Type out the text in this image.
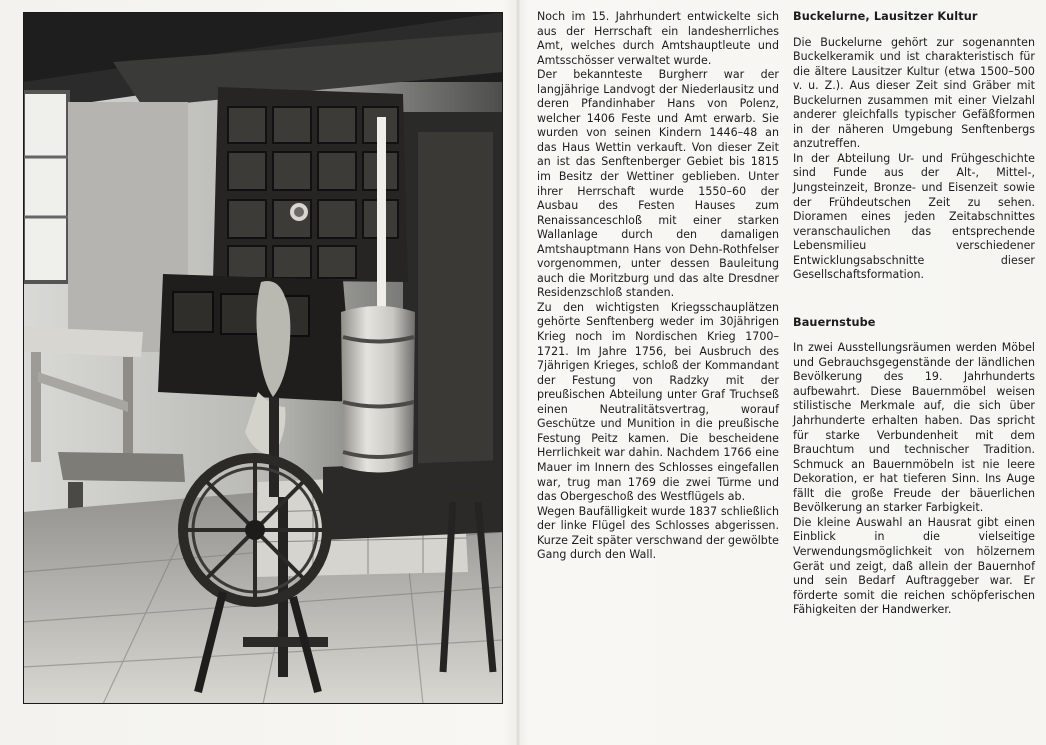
Noch im 15. Jahrhundert entwickelte sich aus der Herrschaft ein landesherrliches Amt, welches durch Amtshauptleute und Amtsschösser verwaltet wurde.

Der bekannteste Burgherr war der langjährige Landvogt der Niederlausitz und deren Pfandinhaber Hans von Polenz, welcher 1406 Feste und Amt erwarb. Sie wurden von seinen Kindern 1446–48 an das Haus Wettin verkauft. Von dieser Zeit an ist das Senftenberger Gebiet bis 1815 im Besitz der Wettiner geblieben. Unter ihrer Herrschaft wurde 1550–60 der Ausbau des Festen Hauses zum Renaissanceschloß mit einer starken Wallanlage durch den damaligen Amtshauptmann Hans von Dehn-Rothfelser vorgenommen, unter dessen Bauleitung auch die Moritzburg und das alte Dresdner Residenzschloß standen.

Zu den wichtigsten Kriegsschauplätzen gehörte Senftenberg weder im 30jährigen Krieg noch im Nordischen Krieg 1700–1721. Im Jahre 1756, bei Ausbruch des 7jährigen Krieges, schloß der Kommandant der Festung von Radzky mit der preußischen Abteilung unter Graf Truchseß einen Neutralitätsvertrag, worauf Geschütze und Munition in die preußische Festung Peitz kamen. Die bescheidene Herrlichkeit war dahin. Nachdem 1766 eine Mauer im Innern des Schlosses eingefallen war, trug man 1769 die zwei Türme und das Obergeschoß des Westflügels ab.

Wegen Baufälligkeit wurde 1837 schließlich der linke Flügel des Schlosses abgerissen. Kurze Zeit später verschwand der gewölbte Gang durch den Wall.

Buckelurne, Lausitzer Kultur

Die Buckelurne gehört zur sogenannten Buckelkeramik und ist charakteristisch für die ältere Lausitzer Kultur (etwa 1500–500 v. u. Z.). Aus dieser Zeit sind Gräber mit Buckelurnen zusammen mit einer Vielzahl anderer gleichfalls typischer Gefäßformen in der näheren Umgebung Senftenbergs anzutreffen.

In der Abteilung Ur- und Frühgeschichte sind Funde aus der Alt-, Mittel-, Jungsteinzeit, Bronze- und Eisenzeit sowie der Frühdeutschen Zeit zu sehen. Dioramen eines jeden Zeitabschnittes veranschaulichen das entsprechende Lebensmilieu verschiedener Entwicklungsabschnitte dieser Gesellschaftsformation.

Bauernstube

In zwei Ausstellungsräumen werden Möbel und Gebrauchsgegenstände der ländlichen Bevölkerung des 19. Jahrhunderts aufbewahrt. Diese Bauernmöbel weisen stilistische Merkmale auf, die sich über Jahrhunderte erhalten haben. Das spricht für starke Verbundenheit mit dem Brauchtum und technischer Tradition. Schmuck an Bauernmöbeln ist nie leere Dekoration, er hat tieferen Sinn. Ins Auge fällt die große Freude der bäuerlichen Bevölkerung an starker Farbigkeit.

Die kleine Auswahl an Hausrat gibt einen Einblick in die vielseitige Verwendungsmöglichkeit von hölzernem Gerät und zeigt, daß allein der Bauernhof und sein Bedarf Auftraggeber war. Er förderte somit die reichen schöpferischen Fähigkeiten der Handwerker.
